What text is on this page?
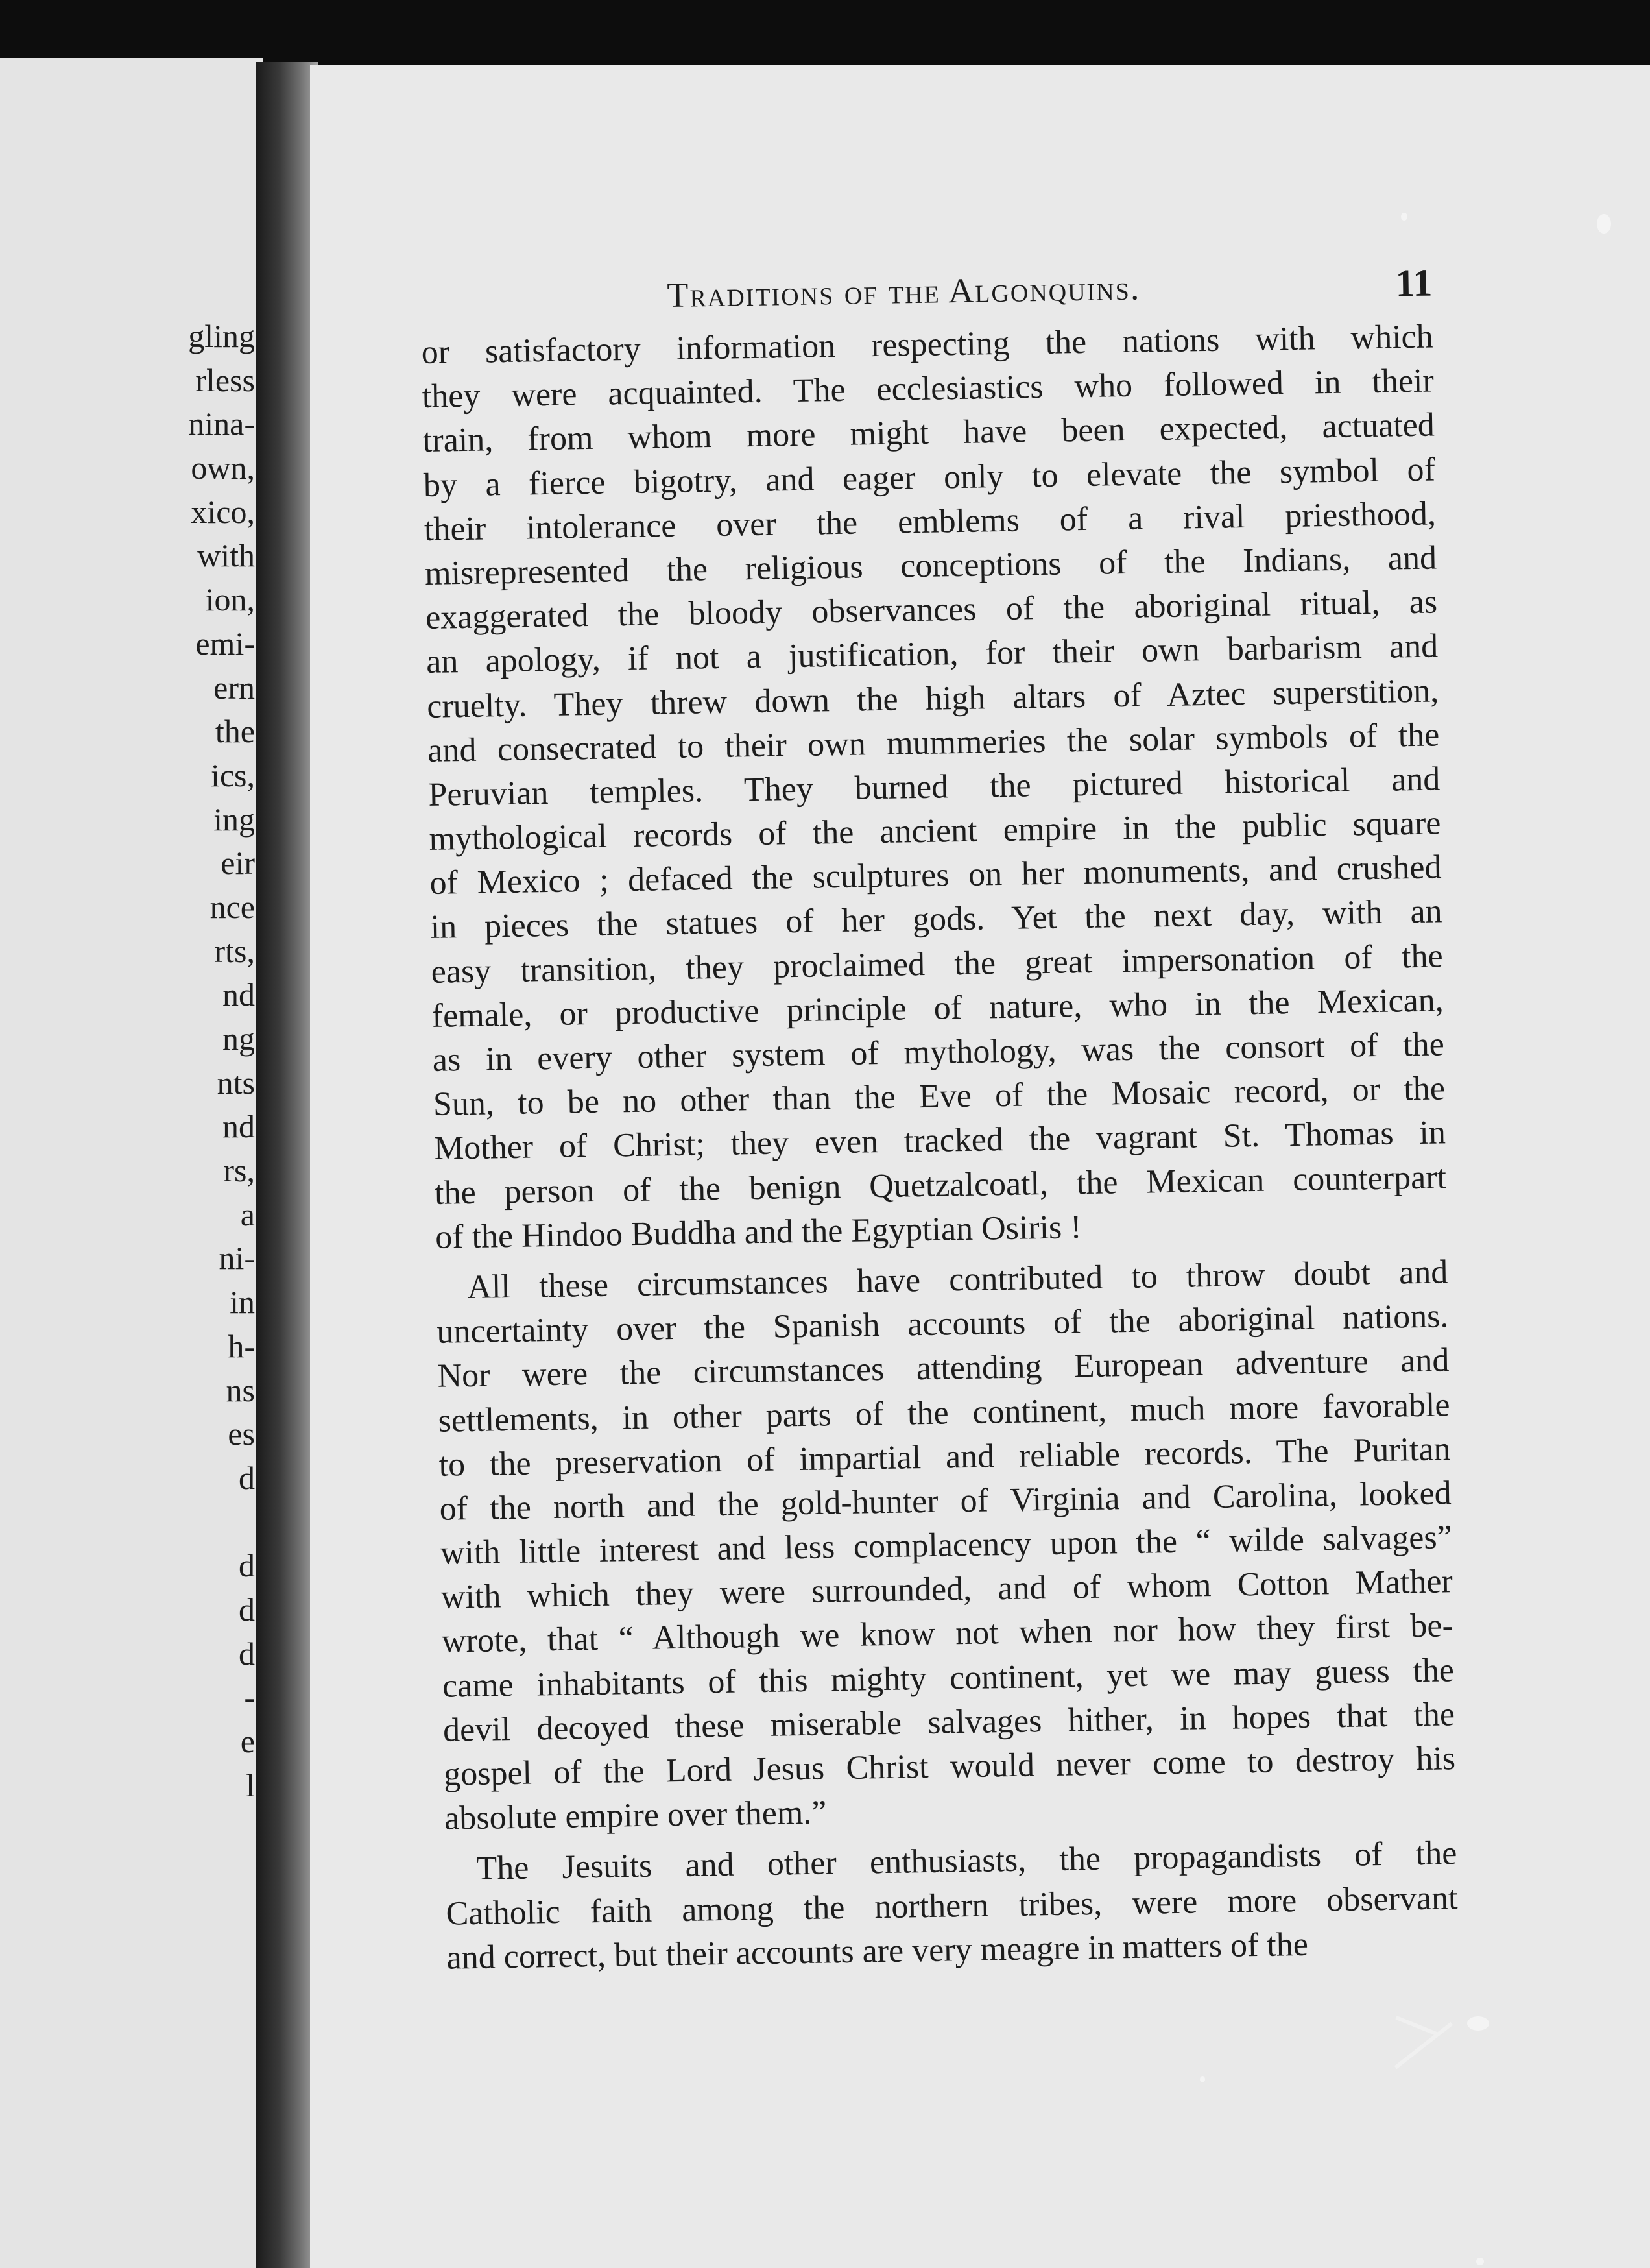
gling
rless
nina-
own,
xico,
with
ion,
emi-
ern
the
ics,
ing
eir
nce
rts,
nd
ng
nts
nd
rs,
a
ni-
in
h-
ns
es
d
d
d
d
-
e
l
Traditions of the Algonquins.	11
or satisfactory information respecting the nations with which
they were acquainted. The ecclesiastics who followed in their
train, from whom more might have been expected, actuated
by a fierce bigotry, and eager only to elevate the symbol of
their intolerance over the emblems of a rival priesthood,
misrepresented the religious conceptions of the Indians, and
exaggerated the bloody observances of the aboriginal ritual, as
an apology, if not a justification, for their own barbarism and
cruelty. They threw down the high altars of Aztec superstition,
and consecrated to their own mummeries the solar symbols of the
Peruvian temples. They burned the pictured historical and
mythological records of the ancient empire in the public square
of Mexico ; defaced the sculptures on her monuments, and crushed
in pieces the statues of her gods. Yet the next day, with an
easy transition, they proclaimed the great impersonation of the
female, or productive principle of nature, who in the Mexican,
as in every other system of mythology, was the consort of the
Sun, to be no other than the Eve of the Mosaic record, or the
Mother of Christ; they even tracked the vagrant St. Thomas in
the person of the benign Quetzalcoatl, the Mexican counterpart
of the Hindoo Buddha and the Egyptian Osiris !
All these circumstances have contributed to throw doubt and
uncertainty over the Spanish accounts of the aboriginal nations.
Nor were the circumstances attending European adventure and
settlements, in other parts of the continent, much more favorable
to the preservation of impartial and reliable records. The Puritan
of the north and the gold-hunter of Virginia and Carolina, looked
with little interest and less complacency upon the “ wilde salvages”
with which they were surrounded, and of whom Cotton Mather
wrote, that “ Although we know not when nor how they first be-
came inhabitants of this mighty continent, yet we may guess the
devil decoyed these miserable salvages hither, in hopes that the
gospel of the Lord Jesus Christ would never come to destroy his
absolute empire over them.”
The Jesuits and other enthusiasts, the propagandists of the
Catholic faith among the northern tribes, were more observant
and correct, but their accounts are very meagre in matters of the
